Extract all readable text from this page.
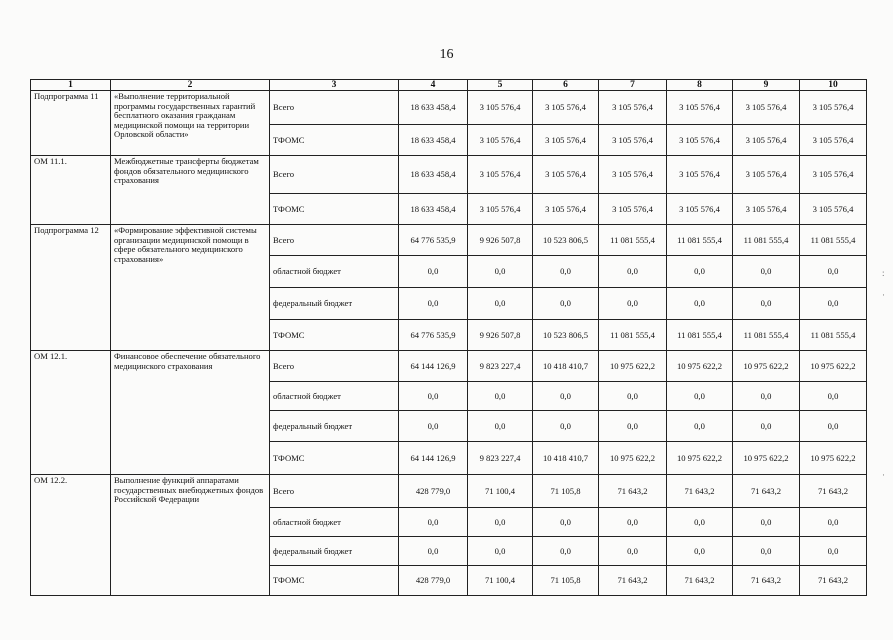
16
1	2	3	4	5	6	7	8	9	10
Подпрограмма 11	«Выполнение территориальной программы государственных гарантий бесплатного оказания гражданам медицинской помощи на территории Орловской области»	Всего	18 633 458,4	3 105 576,4	3 105 576,4	3 105 576,4	3 105 576,4	3 105 576,4	3 105 576,4
		ТФОМС	18 633 458,4	3 105 576,4	3 105 576,4	3 105 576,4	3 105 576,4	3 105 576,4	3 105 576,4
ОМ 11.1.	Межбюджетные трансферты бюджетам фондов обязательного медицинского страхования	Всего	18 633 458,4	3 105 576,4	3 105 576,4	3 105 576,4	3 105 576,4	3 105 576,4	3 105 576,4
		ТФОМС	18 633 458,4	3 105 576,4	3 105 576,4	3 105 576,4	3 105 576,4	3 105 576,4	3 105 576,4
Подпрограмма 12	«Формирование эффективной системы организации медицинской помощи в сфере обязательного медицинского страхования»	Всего	64 776 535,9	9 926 507,8	10 523 806,5	11 081 555,4	11 081 555,4	11 081 555,4	11 081 555,4
		областной бюджет	0,0	0,0	0,0	0,0	0,0	0,0	0,0
		федеральный бюджет	0,0	0,0	0,0	0,0	0,0	0,0	0,0
		ТФОМС	64 776 535,9	9 926 507,8	10 523 806,5	11 081 555,4	11 081 555,4	11 081 555,4	11 081 555,4
ОМ 12.1.	Финансовое обеспечение обязательного медицинского страхования	Всего	64 144 126,9	9 823 227,4	10 418 410,7	10 975 622,2	10 975 622,2	10 975 622,2	10 975 622,2
		областной бюджет	0,0	0,0	0,0	0,0	0,0	0,0	0,0
		федеральный бюджет	0,0	0,0	0,0	0,0	0,0	0,0	0,0
		ТФОМС	64 144 126,9	9 823 227,4	10 418 410,7	10 975 622,2	10 975 622,2	10 975 622,2	10 975 622,2
ОМ 12.2.	Выполнение функций аппаратами государственных внебюджетных фондов Российской Федерации	Всего	428 779,0	71 100,4	71 105,8	71 643,2	71 643,2	71 643,2	71 643,2
		областной бюджет	0,0	0,0	0,0	0,0	0,0	0,0	0,0
		федеральный бюджет	0,0	0,0	0,0	0,0	0,0	0,0	0,0
		ТФОМС	428 779,0	71 100,4	71 105,8	71 643,2	71 643,2	71 643,2	71 643,2
:
·
·
